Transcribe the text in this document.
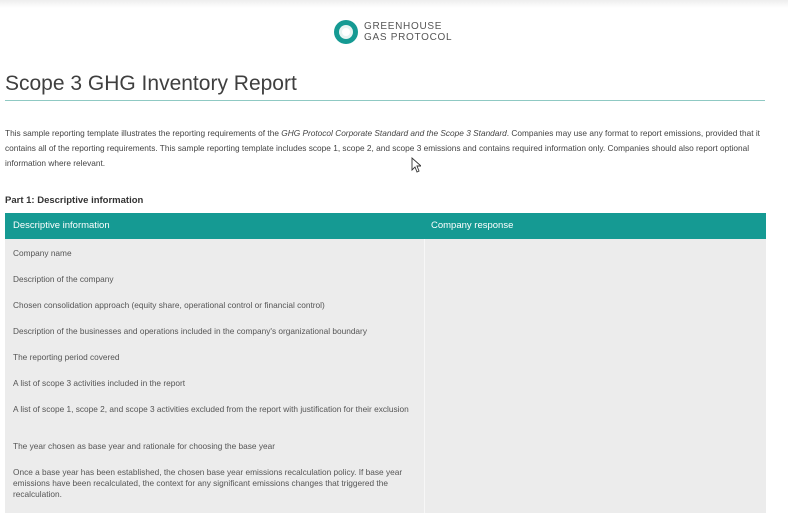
GREENHOUSE
GAS PROTOCOL
Scope 3 GHG Inventory Report

This sample reporting template illustrates the reporting requirements of the GHG Protocol Corporate Standard and the Scope 3 Standard. Companies may use any format to report emissions, provided that it contains all of the reporting requirements. This sample reporting template includes scope 1, scope 2, and scope 3 emissions and contains required information only. Companies should also report optional information where relevant.

Part 1: Descriptive information
Descriptive information	Company response
Company name
Description of the company
Chosen consolidation approach (equity share, operational control or financial control)
Description of the businesses and operations included in the company's organizational boundary
The reporting period covered
A list of scope 3 activities included in the report
A list of scope 1, scope 2, and scope 3 activities excluded from the report with justification for their exclusion
The year chosen as base year and rationale for choosing the base year
Once a base year has been established, the chosen base year emissions recalculation policy. If base year emissions have been recalculated, the context for any significant emissions changes that triggered the recalculation.
